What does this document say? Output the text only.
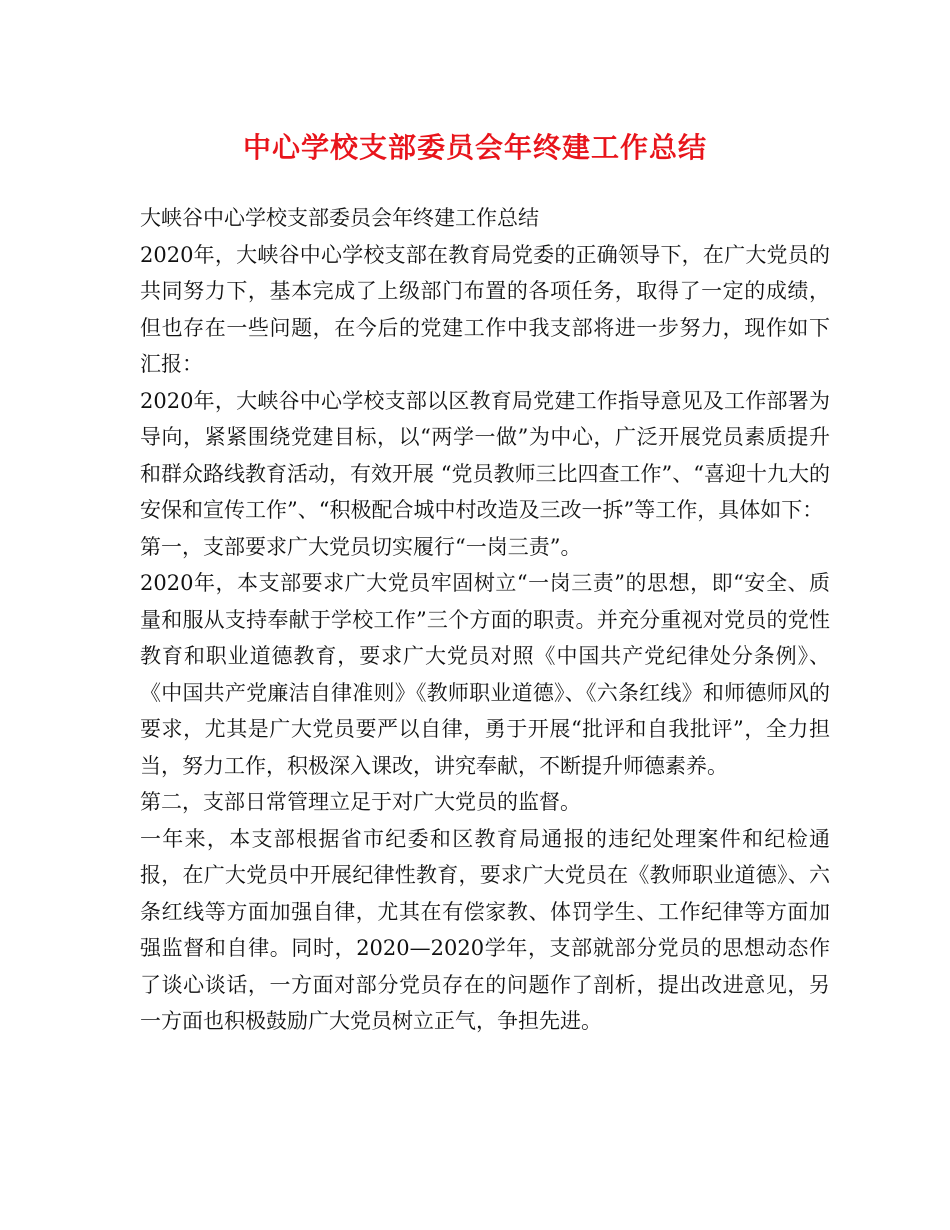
中心学校支部委员会年终建工作总结

大峡谷中心学校支部委员会年终建工作总结

2020年，大峡谷中心学校支部在教育局党委的正确领导下，在广大党员的共同努力下，基本完成了上级部门布置的各项任务，取得了一定的成绩，但也存在一些问题，在今后的党建工作中我支部将进一步努力，现作如下汇报：

2020年，大峡谷中心学校支部以区教育局党建工作指导意见及工作部署为导向，紧紧围绕党建目标，以“两学一做”为中心，广泛开展党员素质提升和群众路线教育活动，有效开展 “党员教师三比四查工作”、“喜迎十九大的安保和宣传工作”、“积极配合城中村改造及三改一拆”等工作，具体如下：

第一，支部要求广大党员切实履行“一岗三责”。

2020年，本支部要求广大党员牢固树立“一岗三责”的思想，即“安全、质量和服从支持奉献于学校工作”三个方面的职责。并充分重视对党员的党性教育和职业道德教育，要求广大党员对照《中国共产党纪律处分条例》、《中国共产党廉洁自律准则》《教师职业道德》、《六条红线》和师德师风的要求，尤其是广大党员要严以自律，勇于开展“批评和自我批评”，全力担当，努力工作，积极深入课改，讲究奉献，不断提升师德素养。

第二，支部日常管理立足于对广大党员的监督。

一年来，本支部根据省市纪委和区教育局通报的违纪处理案件和纪检通报，在广大党员中开展纪律性教育，要求广大党员在《教师职业道德》、六条红线等方面加强自律，尤其在有偿家教、体罚学生、工作纪律等方面加强监督和自律。同时，2020—2020学年，支部就部分党员的思想动态作了谈心谈话，一方面对部分党员存在的问题作了剖析，提出改进意见，另一方面也积极鼓励广大党员树立正气，争担先进。
